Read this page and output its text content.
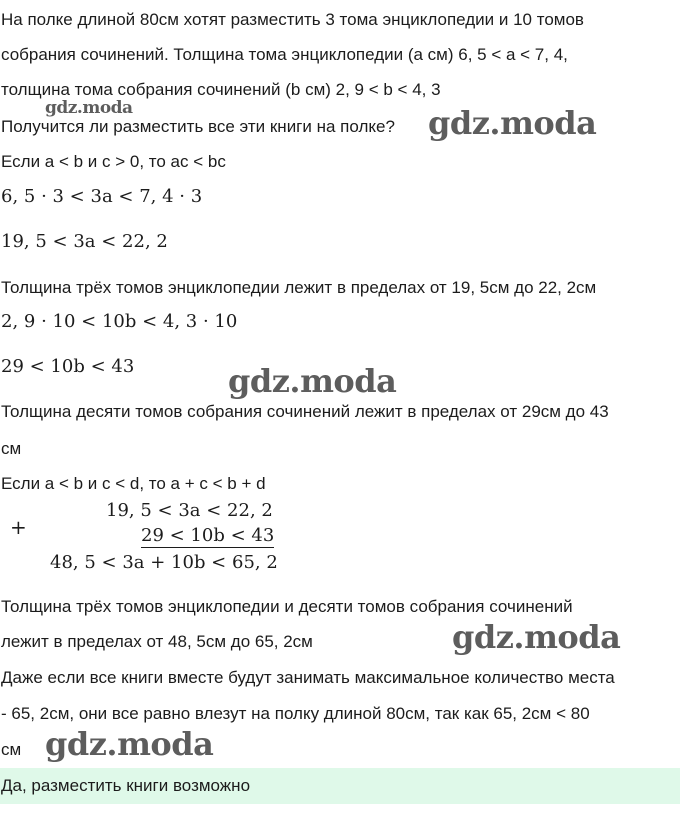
На полке длиной 80см хотят разместить 3 тома энциклопедии и 10 томов
собрания сочинений. Толщина тома энциклопедии (a см) 6, 5 < a < 7, 4,
толщина тома собрания сочинений (b см) 2, 9 < b < 4, 3
Получится ли разместить все эти книги на полке?
Если a < b и c > 0, то ac < bc
6, 5 · 3 < 3a < 7, 4 · 3
19, 5 < 3a < 22, 2
Толщина трёх томов энциклопедии лежит в пределах от 19, 5см до 22, 2см
2, 9 · 10 < 10b < 4, 3 · 10
29 < 10b < 43
Толщина десяти томов собрания сочинений лежит в пределах от 29см до 43
см
Если a < b и c < d, то a + c < b + d
+
19, 5 < 3a < 22, 2
29 < 10b < 43
48, 5 < 3a + 10b < 65, 2
Толщина трёх томов энциклопедии и десяти томов собрания сочинений
лежит в пределах от 48, 5см до 65, 2см
Даже если все книги вместе будут занимать максимальное количество места
- 65, 2см, они все равно влезут на полку длиной 80см, так как 65, 2см < 80
см
Да, разместить книги возможно
gdz.moda	gdz.moda
gdz.moda
gdz.moda
gdz.moda
